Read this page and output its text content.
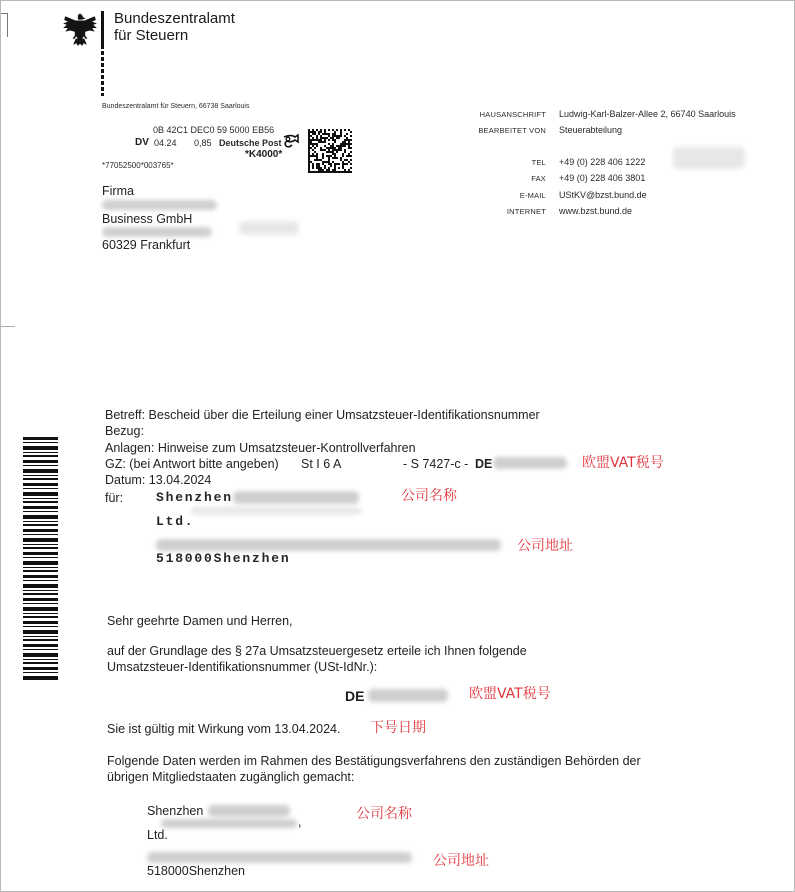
Bundeszentralamt
für Steuern
Bundeszentralamt für Steuern, 66738 Saarlouis
0B 42C1 DEC0 59 5000 EB56
DV 04.24 0,85 Deutsche Post
*K4000*
*77052500*003765*
HAUSANSCHRIFT Ludwig-Karl-Balzer-Allee 2, 66740 Saarlouis
BEARBEITET VON Steuerabteilung
TEL +49 (0) 228 406 1222
FAX +49 (0) 228 406 3801
E-MAIL UStKV@bzst.bund.de
INTERNET www.bzst.bund.de
Firma
Business GmbH
60329 Frankfurt
Betreff: Bescheid über die Erteilung einer Umsatzsteuer-Identifikationsnummer
Bezug:
Anlagen: Hinweise zum Umsatzsteuer-Kontrollverfahren
GZ: (bei Antwort bitte angeben) St I 6 A	- S 7427-c - DE	欧盟VAT税号
Datum: 13.04.2024
für:	Shenzhen	公司名称
Ltd.
公司地址
518000Shenzhen
Sehr geehrte Damen und Herren,
auf der Grundlage des § 27a Umsatzsteuergesetz erteile ich Ihnen folgende
Umsatzsteuer-Identifikationsnummer (USt-IdNr.):
DE	欧盟VAT税号
Sie ist gültig mit Wirkung vom 13.04.2024. 下号日期
Folgende Daten werden im Rahmen des Bestätigungsverfahrens den zuständigen Behörden der
übrigen Mitgliedstaaten zugänglich gemacht:
Shenzhen
,	公司名称
Ltd.
公司地址
518000Shenzhen
